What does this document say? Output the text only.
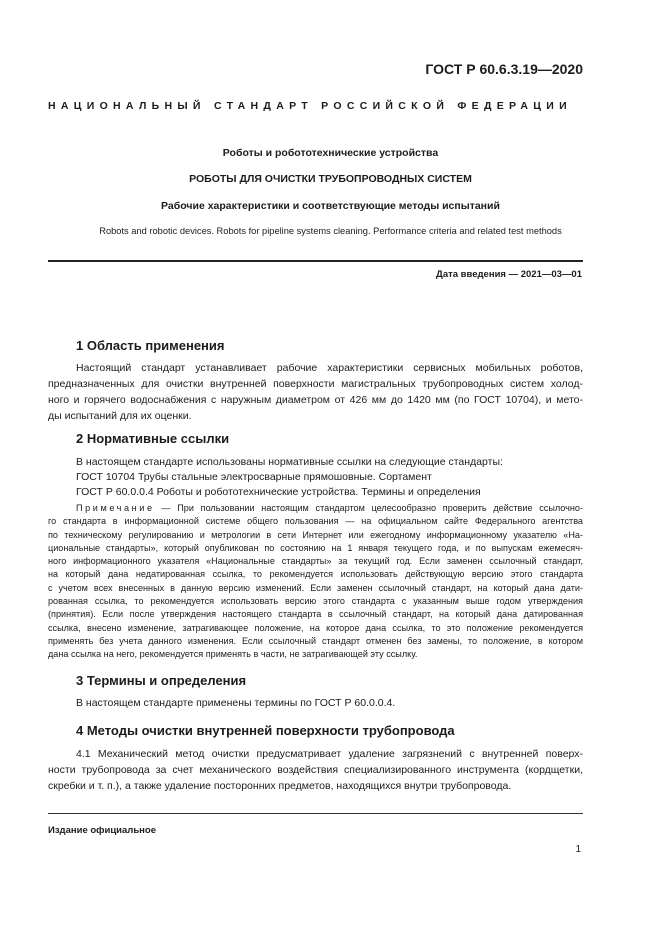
ГОСТ Р 60.6.3.19—2020
НАЦИОНАЛЬНЫЙ СТАНДАРТ РОССИЙСКОЙ ФЕДЕРАЦИИ
Роботы и робототехнические устройства
РОБОТЫ ДЛЯ ОЧИСТКИ ТРУБОПРОВОДНЫХ СИСТЕМ
Рабочие характеристики и соответствующие методы испытаний
Robots and robotic devices. Robots for pipeline systems cleaning. Performance criteria and related test methods
Дата введения — 2021—03—01
1 Область применения
Настоящий стандарт устанавливает рабочие характеристики сервисных мобильных роботов,
предназначенных для очистки внутренней поверхности магистральных трубопроводных систем холод-
ного и горячего водоснабжения с наружным диаметром от 426 мм до 1420 мм (по ГОСТ 10704), и мето-
ды испытаний для их оценки.
2 Нормативные ссылки
В настоящем стандарте использованы нормативные ссылки на следующие стандарты:
ГОСТ 10704 Трубы стальные электросварные прямошовные. Сортамент
ГОСТ Р 60.0.0.4 Роботы и робототехнические устройства. Термины и определения
Примечание — При пользовании настоящим стандартом целесообразно проверить действие ссылочно-
го стандарта в информационной системе общего пользования — на официальном сайте Федерального агентства
по техническому регулированию и метрологии в сети Интернет или ежегодному информационному указателю «На-
циональные стандарты», который опубликован по состоянию на 1 января текущего года, и по выпускам ежемесяч-
ного информационного указателя «Национальные стандарты» за текущий год. Если заменен ссылочный стандарт,
на который дана недатированная ссылка, то рекомендуется использовать действующую версию этого стандарта
с учетом всех внесенных в данную версию изменений. Если заменен ссылочный стандарт, на который дана дати-
рованная ссылка, то рекомендуется использовать версию этого стандарта с указанным выше годом утверждения
(принятия). Если после утверждения настоящего стандарта в ссылочный стандарт, на который дана датированная
ссылка, внесено изменение, затрагивающее положение, на которое дана ссылка, то это положение рекомендуется
применять без учета данного изменения. Если ссылочный стандарт отменен без замены, то положение, в котором
дана ссылка на него, рекомендуется применять в части, не затрагивающей эту ссылку.
3 Термины и определения
В настоящем стандарте применены термины по ГОСТ Р 60.0.0.4.
4 Методы очистки внутренней поверхности трубопровода
4.1 Механический метод очистки предусматривает удаление загрязнений с внутренней поверх-
ности трубопровода за счет механического воздействия специализированного инструмента (кордщетки,
скребки и т. п.), а также удаление посторонних предметов, находящихся внутри трубопровода.
Издание официальное
1
